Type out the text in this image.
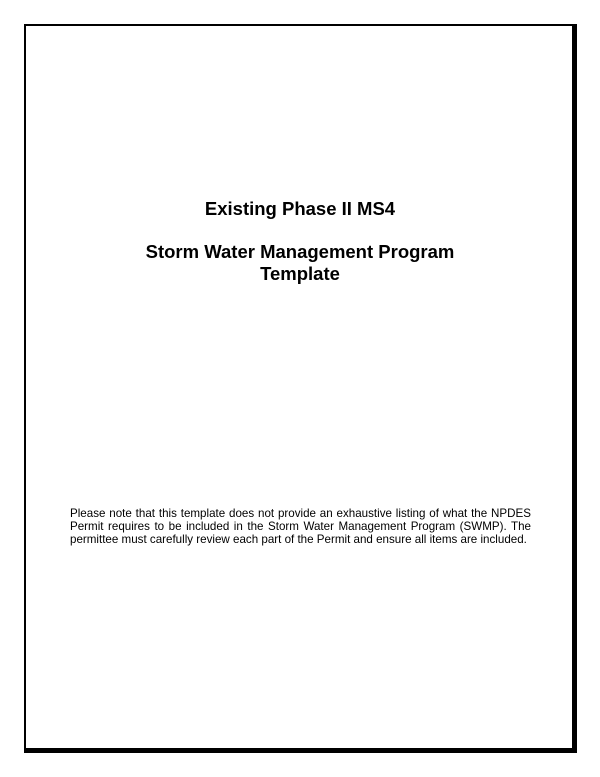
Existing Phase II MS4
Storm Water Management Program
Template
Please note that this template does not provide an exhaustive listing of what the NPDES Permit requires to be included in the Storm Water Management Program (SWMP). The permittee must carefully review each part of the Permit and ensure all items are included.
